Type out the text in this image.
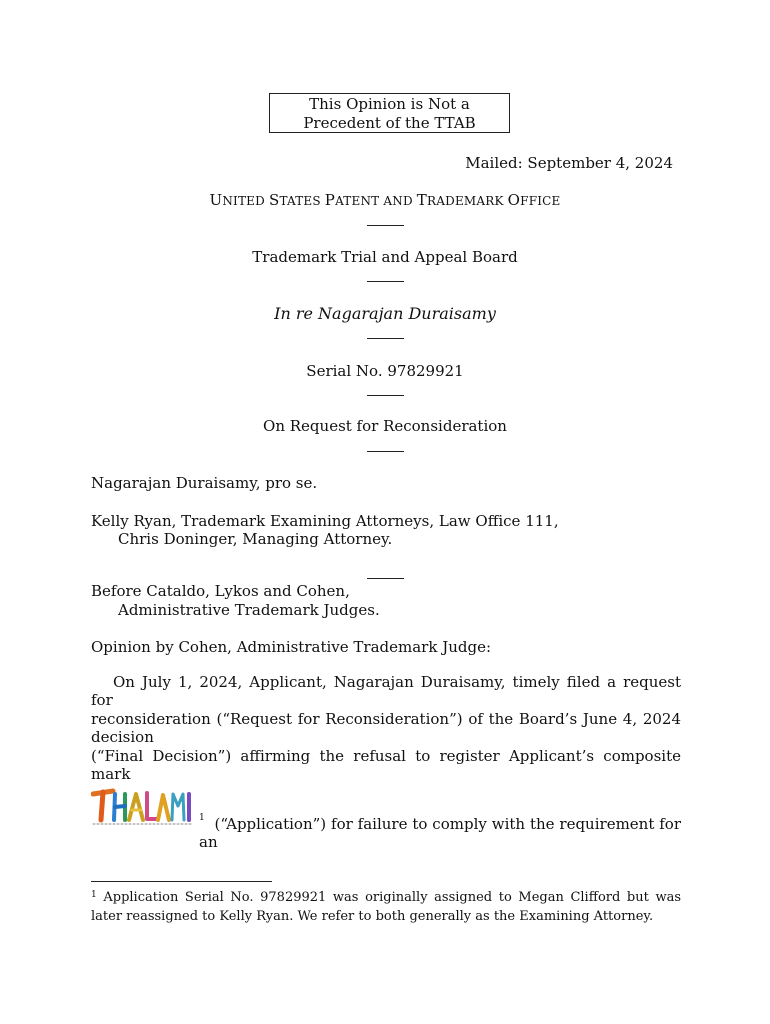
This Opinion is Not a
Precedent of the TTAB
Mailed: September 4, 2024
UNITED STATES PATENT AND TRADEMARK OFFICE
Trademark Trial and Appeal Board
In re Nagarajan Duraisamy
Serial No. 97829921
On Request for Reconsideration
Nagarajan Duraisamy, pro se.
Kelly Ryan, Trademark Examining Attorneys, Law Office 111,
Chris Doninger, Managing Attorney.
Before Cataldo, Lykos and Cohen,
Administrative Trademark Judges.
Opinion by Cohen, Administrative Trademark Judge:
On July 1, 2024, Applicant, Nagarajan Duraisamy, timely filed a request for
reconsideration (“Request for Reconsideration”) of the Board’s June 4, 2024 decision
(“Final Decision”) affirming the refusal to register Applicant’s composite mark
THALAMI
$^1$ (“Application”) for failure to comply with the requirement for an
$^1$ Application Serial No. 97829921 was originally assigned to Megan Clifford but was later reassigned to Kelly Ryan. We refer to both generally as the Examining Attorney.
